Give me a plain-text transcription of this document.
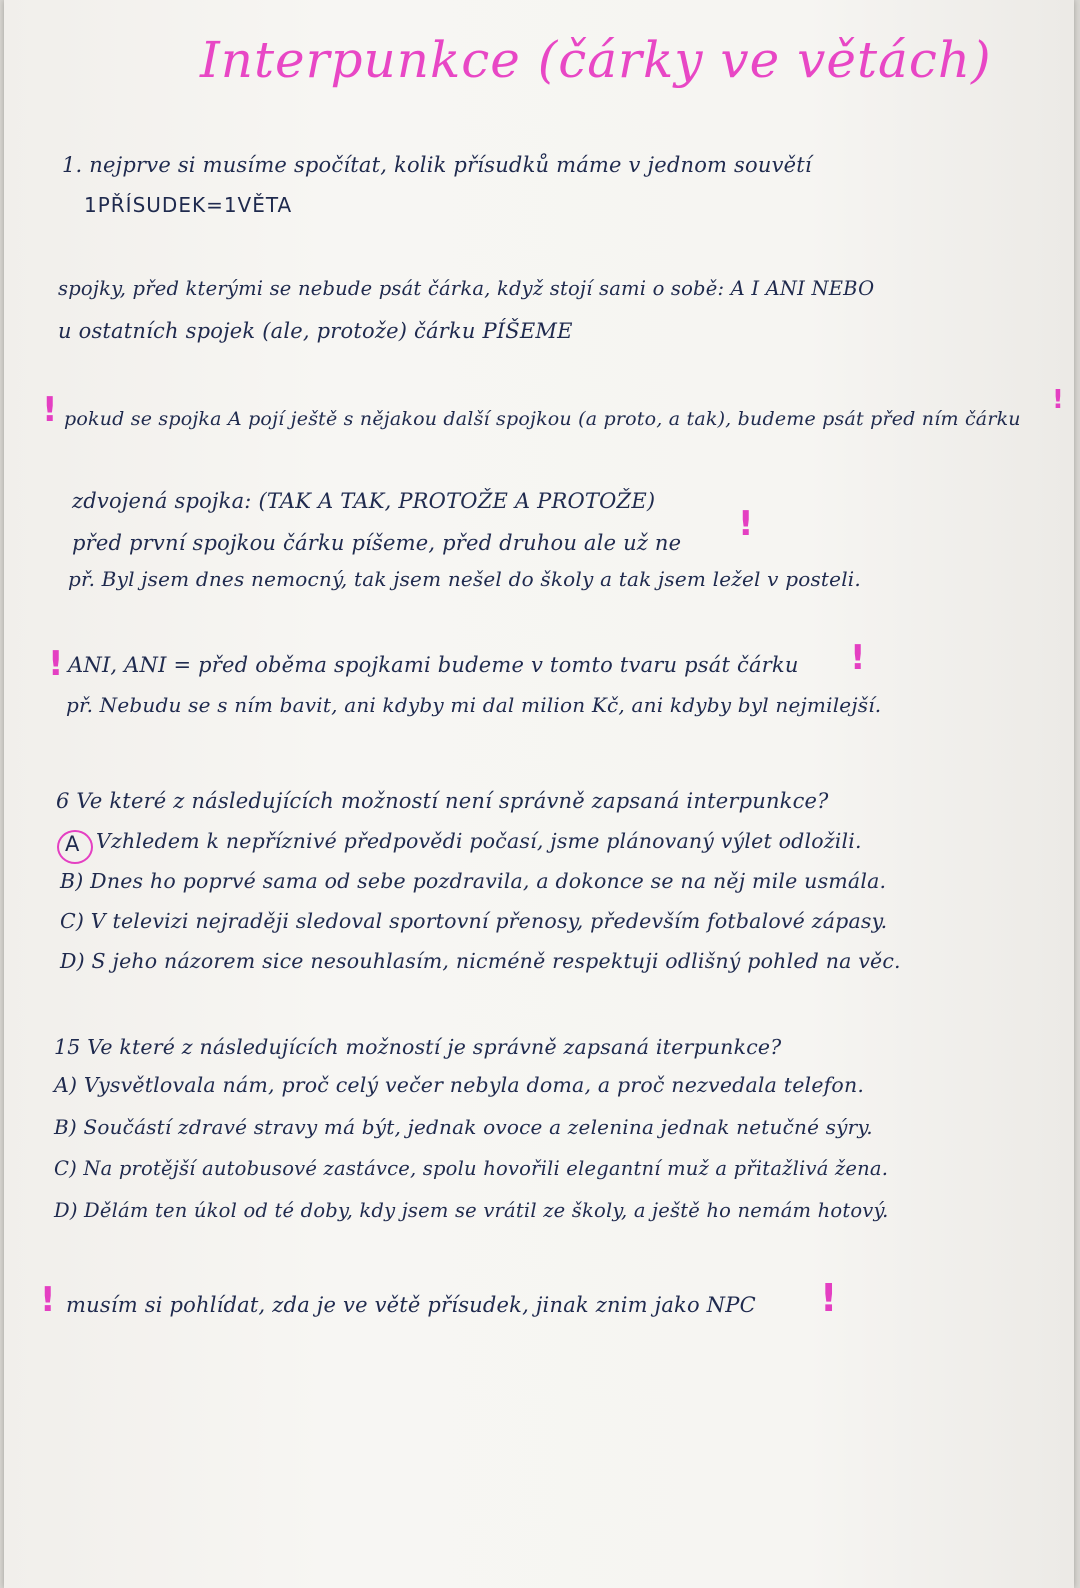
Interpunkce (čárky ve větách)
1. nejprve si musíme spočítat, kolik přísudků máme v jednom souvětí
1PŘÍSUDEK=1VĚTA
spojky, před kterými se nebude psát čárka, když stojí sami o sobě: A I ANI NEBO
u ostatních spojek (ale, protože) čárku PÍŠEME
! pokud se spojka A pojí ještě s nějakou další spojkou (a proto, a tak), budeme psát před ním čárku
!
zdvojená spojka: (TAK A TAK, PROTOŽE A PROTOŽE)
před první spojkou čárku píšeme, před druhou ale už ne !
př. Byl jsem dnes nemocný, tak jsem nešel do školy a tak jsem ležel v posteli.
! ANI, ANI = před oběma spojkami budeme v tomto tvaru psát čárku !
př. Nebudu se s ním bavit, ani kdyby mi dal milion Kč, ani kdyby byl nejmilejší.
6 Ve které z následujících možností není správně zapsaná interpunkce?
A Vzhledem k nepříznivé předpovědi počasí, jsme plánovaný výlet odložili.
B) Dnes ho poprvé sama od sebe pozdravila, a dokonce se na něj mile usmála.
C) V televizi nejraději sledoval sportovní přenosy, především fotbalové zápasy.
D) S jeho názorem sice nesouhlasím, nicméně respektuji odlišný pohled na věc.
15 Ve které z následujících možností je správně zapsaná iterpunkce?
A) Vysvětlovala nám, proč celý večer nebyla doma, a proč nezvedala telefon.
B) Součástí zdravé stravy má být, jednak ovoce a zelenina jednak netučné sýry.
C) Na protější autobusové zastávce, spolu hovořili elegantní muž a přitažlivá žena.
D) Dělám ten úkol od té doby, kdy jsem se vrátil ze školy, a ještě ho nemám hotový.
! musím si pohlídat, zda je ve větě přísudek, jinak znim jako NPC !
